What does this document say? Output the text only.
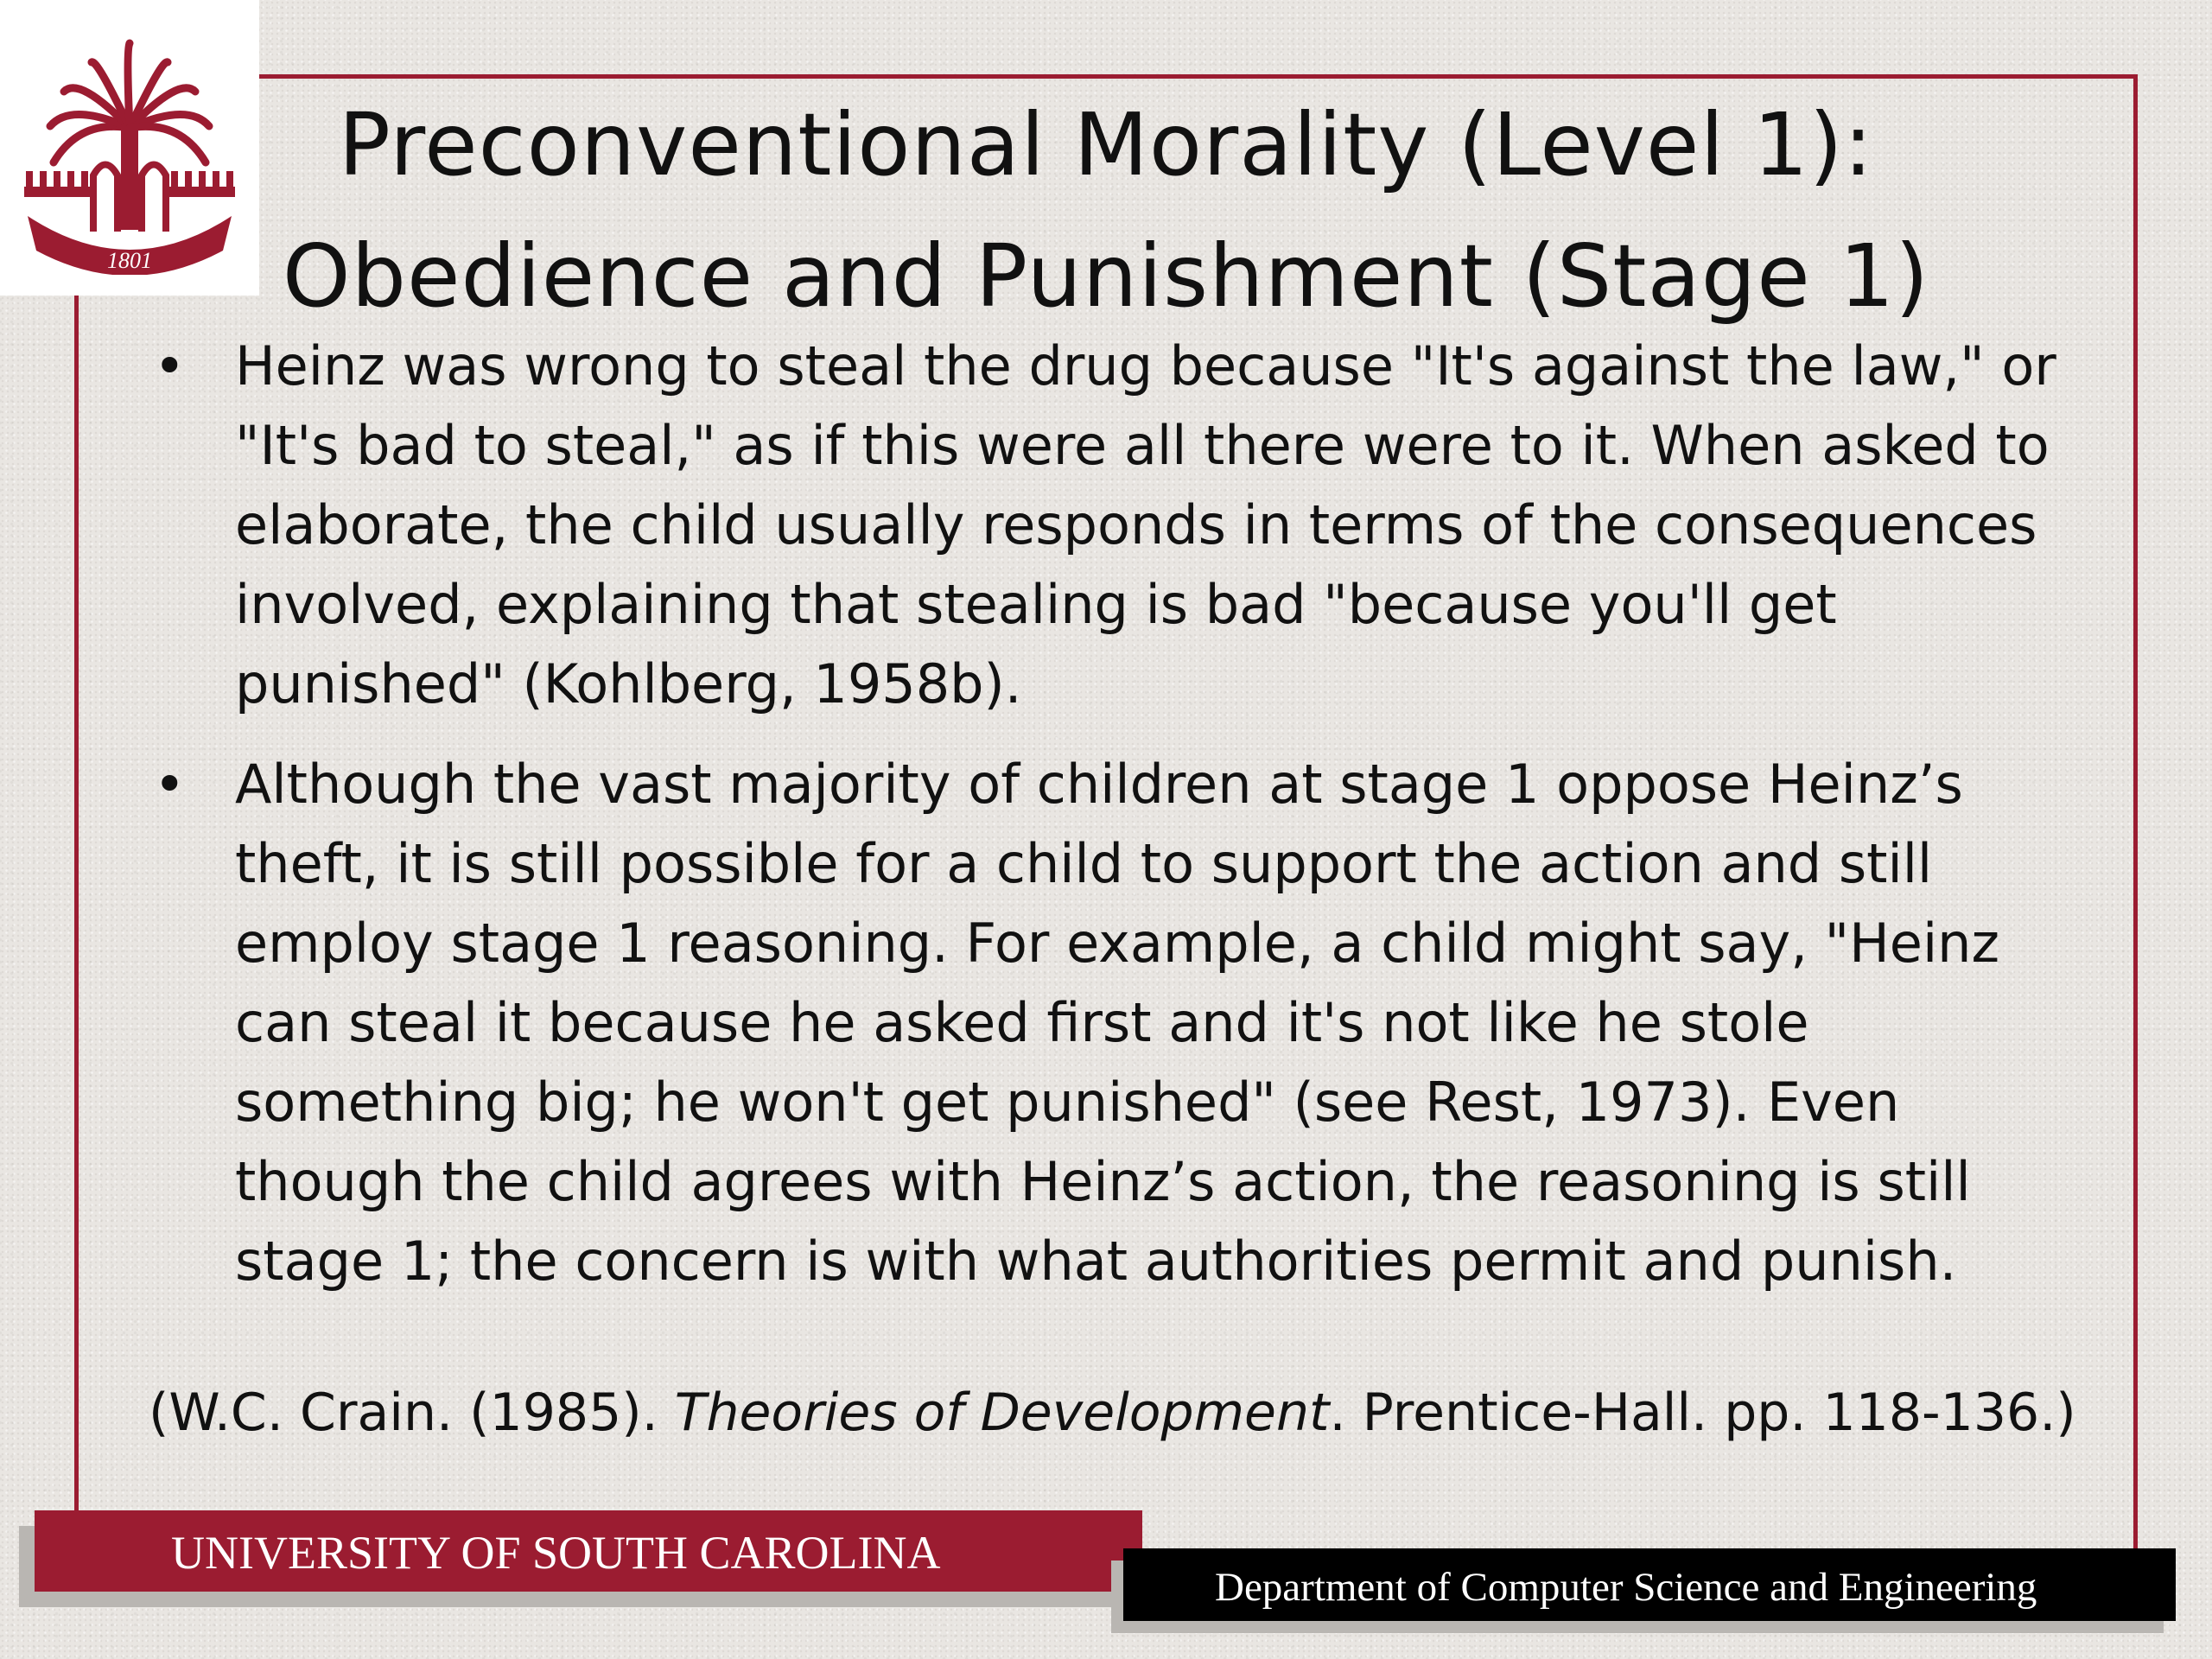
1801
Preconventional Morality (Level 1):
Obedience and Punishment (Stage 1)
• Heinz was wrong to steal the drug because "It's against the law," or "It's bad to steal," as if this were all there were to it. When asked to elaborate, the child usually responds in terms of the consequences involved, explaining that stealing is bad "because you'll get punished" (Kohlberg, 1958b).
• Although the vast majority of children at stage 1 oppose Heinz’s theft, it is still possible for a child to support the action and still employ stage 1 reasoning. For example, a child might say, "Heinz can steal it because he asked first and it's not like he stole something big; he won't get punished" (see Rest, 1973). Even though the child agrees with Heinz’s action, the reasoning is still stage 1; the concern is with what authorities permit and punish.
(W.C. Crain. (1985). Theories of Development. Prentice-Hall. pp. 118-136.)
UNIVERSITY OF SOUTH CAROLINA
Department of Computer Science and Engineering
